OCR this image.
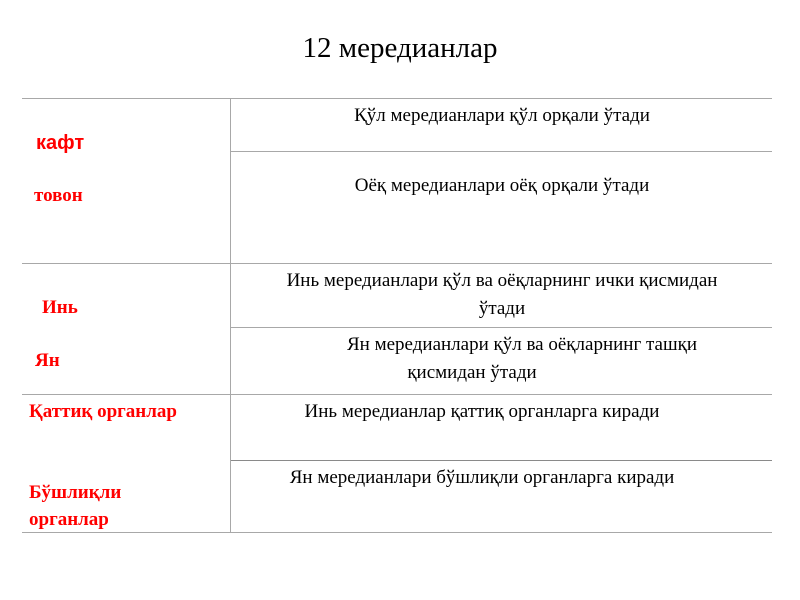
12 мередианлар
кафт
товон
Инь
Ян
Қаттиқ органлар
Бўшлиқли
органлар
Қўл мередианлари қўл орқали ўтади
Оёқ мередианлари оёқ орқали ўтади
Инь мередианлари қўл ва оёқларнинг ички қисмидан
ўтади
Ян мередианлари қўл ва оёқларнинг ташқи
қисмидан ўтади
Инь мередианлар қаттиқ органларга киради
Ян мередианлари бўшлиқли органларга киради
